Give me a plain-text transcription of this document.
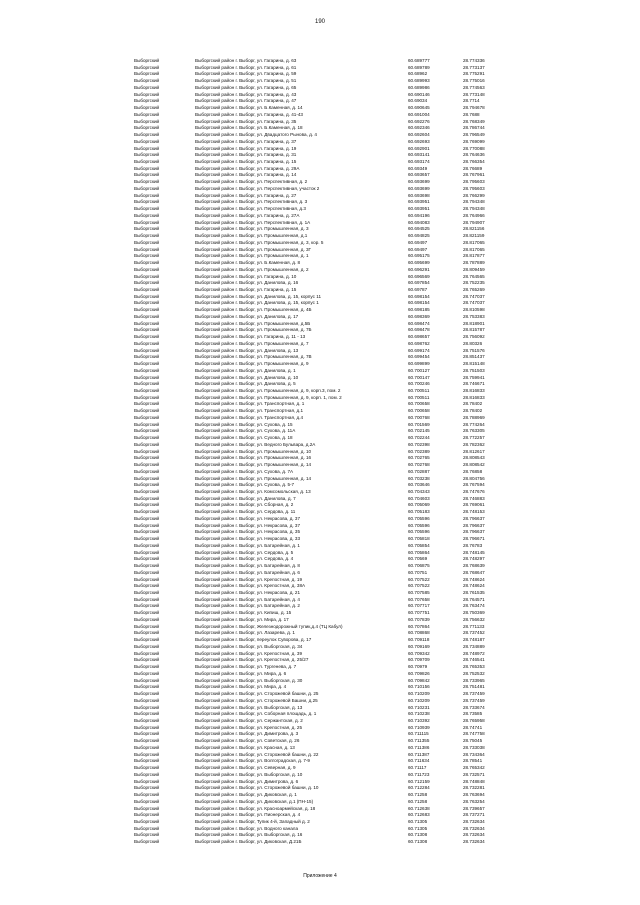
190
Выборгский	Выборгский район г. Выборг, ул. Гагарина, д. 63	60.689777	28.774336
Выборгский	Выборгский район г. Выборг, ул. Гагарина, д. 61	60.689789	28.773137
Выборгский	Выборгский район г. Выборг, ул. Гагарина, д. 59	60.68962	28.775291
Выборгский	Выборгский район г. Выборг, ул. Гагарина, д. 51	60.689993	28.775016
Выборгский	Выборгский район г. Выборг, ул. Гагарина, д. 65	60.689986	28.774563
Выборгский	Выборгский район г. Выборг, ул. Гагарина, д. 43	60.690146	28.773148
Выборгский	Выборгский район г. Выборг, ул. Гагарина, д. 47	60.69034	28.7714
Выборгский	Выборгский район г. Выборг, ул. Б.Каменная, д. 14	60.690645	28.794678
Выборгский	Выборгский район г. Выборг, ул. Гагарина, д. 41-43	60.691004	28.7688
Выборгский	Выборгский район г. Выборг, ул. Гагарина, д. 35	60.692276	28.768349
Выборгский	Выборгский район г. Выборг, ул. Б.Каменная, д. 18	60.692346	28.786744
Выборгский	Выборгский район г. Выборг, ул. Двадцатого Рынова, д. 4	60.692604	28.796549
Выборгский	Выборгский район г. Выборг, ул. Гагарина, д. 37	60.692693	28.769099
Выборгский	Выборгский район г. Выборг, ул. Гагарина, д. 19	60.692901	28.770088
Выборгский	Выборгский район г. Выборг, ул. Гагарина, д. 31	60.693141	28.764636
Выборгский	Выборгский район г. Выборг, ул. Гагарина, д. 15	60.693174	28.766354
Выборгский	Выборгский район г. Выборг, ул. Гагарина, д. 29А	60.69349	28.76689
Выборгский	Выборгский район г. Выборг, ул. Гагарина, д. 14	60.693657	28.767961
Выборгский	Выборгский район г. Выборг, ул. Перспективная, д. 2	60.693699	28.795603
Выборгский	Выборгский район г. Выборг, ул. Перспективная, участок 2	60.693699	28.795603
Выборгский	Выборгский район г. Выборг, ул. Гагарина, д. 27	60.693698	28.766299
Выборгский	Выборгский район г. Выборг, ул. Перспективная, д. 3	60.693951	28.794348
Выборгский	Выборгский район г. Выборг, ул. Перспективная, д.3	60.693951	28.794348
Выборгский	Выборгский район г. Выборг, ул. Гагарина, д. 27А	60.694196	28.764966
Выборгский	Выборгский район г. Выборг, ул. Перспективная, д. 1А	60.694083	28.794907
Выборгский	Выборгский район г. Выборг, ул. Промышленная, д. 3	60.694525	28.821156
Выборгский	Выборгский район г. Выборг, ул. Промышленная, д.1	60.694825	28.821159
Выборгский	Выборгский район г. Выборг, ул. Промышленная, д. 3, кор. 5	60.69497	28.817065
Выборгский	Выборгский район г. Выборг, ул. Промышленная, д. 3Г	60.69497	28.817065
Выборгский	Выборгский район г. Выборг, ул. Промышленная, д. 1	60.695175	28.817877
Выборгский	Выборгский район г. Выборг, ул. Б.Каменная, д. 8	60.695699	28.787889
Выборгский	Выборгский район г. Выборг, ул. Промышленная, д. 2	60.696291	28.809459
Выборгский	Выборгский район г. Выборг, ул. Гагарина, д. 10	60.696569	28.764565
Выборгский	Выборгский район г. Выборг, ул. Данилова, д. 16	60.697854	28.752235
Выборгский	Выборгский район г. Выборг, ул. Гагарина, д. 15	60.69787	28.765269
Выборгский	Выборгский район г. Выборг, ул. Данилова, д. 15, корпус 11	60.698154	28.747037
Выборгский	Выборгский район г. Выборг, ул. Данилова, д. 15, корпус 1	60.698154	28.747037
Выборгский	Выборгский район г. Выборг, ул. Промышленная, д. 4Б	60.698185	28.810598
Выборгский	Выборгский район г. Выборг, ул. Данилова, д. 17	60.698369	28.753383
Выборгский	Выборгский район г. Выборг, ул. Промышленная, д.5Б	60.698474	28.818901
Выборгский	Выборгский район г. Выборг, ул. Промышленная, д. 7Б	60.698478	28.815787
Выборгский	Выборгский район г. Выборг, ул. Гагарина, д. 11 - 13	60.698657	28.756092
Выборгский	Выборгский район г. Выборг, ул. Промышленная, д. 7	60.698762	28.80326
Выборгский	Выборгский район г. Выборг, ул. Данилова, д. 13	60.699174	28.751576
Выборгский	Выборгский район г. Выборг, ул. Промышленная, д. 7В	60.699454	28.851437
Выборгский	Выборгский район г. Выборг, ул. Промышленная, д. 9	60.699899	28.815148
Выборгский	Выборгский район г. Выборг, ул. Данилова, д. 1	60.700127	28.751503
Выборгский	Выборгский район г. Выборг, ул. Данилова, д. 10	60.700147	28.759941
Выборгский	Выборгский район г. Выборг, ул. Данилова, д. 5	60.700246	28.746671
Выборгский	Выборгский район г. Выборг, ул. Промышленная, д. 9, корп.3, пом. 2	60.700511	28.816833
Выборгский	Выборгский район г. Выборг, ул. Промышленная, д. 9, корп. 1, пом. 2	60.700511	28.816833
Выборгский	Выборгский район г. Выборг, ул. Транспортная, д. 1	60.700658	28.78402
Выборгский	Выборгский район г. Выборг, ул. Транспортная, д.1	60.700658	28.78402
Выборгский	Выборгский район г. Выборг, ул. Транспортная, д.4	60.700768	28.788969
Выборгский	Выборгский район г. Выборг, ул. Сухова, д. 15	60.701569	28.774264
Выборгский	Выборгский район г. Выборг, ул. Сухова, д. 11А	60.702145	28.763305
Выборгский	Выборгский район г. Выборг, ул. Сухова, д. 18	60.702244	28.772257
Выборгский	Выборгский район г. Выборг, ул. Ведного Бульвара, д.2А	60.702398	28.782362
Выборгский	Выборгский район г. Выборг, ул. Промышленная, д. 10	60.702389	28.812617
Выборгский	Выборгский район г. Выборг, ул. Промышленная, д. 16	60.702765	28.808543
Выборгский	Выборгский район г. Выборг, ул. Промышленная, д. 14	60.702768	28.808542
Выборгский	Выборгский район г. Выборг, ул. Сухова, д. 7А	60.702887	28.76858
Выборгский	Выборгский район г. Выборг, ул. Промышленная, д. 14	60.703238	28.804756
Выборгский	Выборгский район г. Выборг, ул. Сухова, д. 5-7	60.703646	28.767594
Выборгский	Выборгский район г. Выборг, ул. Комсомольская, д. 13	60.704343	28.747676
Выборгский	Выборгский район г. Выборг, ул. Данилова, д. 7	60.704603	28.746883
Выборгский	Выборгский район г. Выборг, ул. Сборная, д. 2	60.705069	28.769061
Выборгский	Выборгский район г. Выборг, ул. Сердова, д. 11	60.705183	28.748153
Выборгский	Выборгский район г. Выборг, ул. Некрасова, д. 37	60.705596	28.796637
Выборгский	Выборгский район г. Выборг, ул. Некрасова, д. 37	60.705596	28.796637
Выборгский	Выборгский район г. Выборг, ул. Некрасова, д. 35	60.705596	28.796637
Выборгский	Выборгский район г. Выборг, ул. Некрасова, д. 33	60.705818	28.796671
Выборгский	Выборгский район г. Выборг, ул. Батарейная, д. 1	60.705854	28.76783
Выборгский	Выборгский район г. Выборг, ул. Сердова, д. 5	60.705864	28.748145
Выборгский	Выборгский район г. Выборг, ул. Сердова, д. 4	60.70569	28.748297
Выборгский	Выборгский район г. Выборг, ул. Батарейная, д. 8	60.706875	28.768639
Выборгский	Выборгский район г. Выборг, ул. Батарейная, д. 6	60.70751	28.768647
Выборгский	Выборгский район г. Выборг, ул. Крепостная, д. 19	60.707522	28.748624
Выборгский	Выборгский район г. Выборг, ул. Крепостная, д. 38А	60.707522	28.748624
Выборгский	Выборгский район г. Выборг, ул. Некрасова, д. 21	60.707585	28.761535
Выборгский	Выборгский район г. Выборг, ул. Батарейная, д. 4	60.707658	28.764571
Выборгский	Выборгский район г. Выборг, ул. Батарейная, д. 2	60.707717	28.763474
Выборгский	Выборгский район г. Выборг, ул. Кипиш, д. 15	60.707751	28.750369
Выборгский	Выборгский район г. Выборг, ул. Мира, д. 17	60.707839	28.756632
Выборгский	Выборгский район г. Выборг, Железнодорожный тупик,д.4 (ТЦ Кабул)	60.707864	28.771133
Выборгский	Выборгский район г. Выборг, ул. Лазарева, д. 1	60.708868	28.737452
Выборгский	Выборгский район г. Выборг, переулок Суворова, д. 17	60.709118	28.748187
Выборгский	Выборгский район г. Выборг, ул. Выборгская, д. 34	60.709169	28.734889
Выборгский	Выборгский район г. Выборг, ул. Крепостная, д. 39	60.709342	28.748972
Выборгский	Выборгский район г. Выборг, ул. Крепостная, д. 25/27	60.709709	28.746541
Выборгский	Выборгский район г. Выборг, ул. Тургенева, д. 7	60.70979	28.765353
Выборгский	Выборгский район г. Выборг, ул. Мира, д. 6	60.709826	28.752532
Выборгский	Выборгский район г. Выборг, ул. Выборгская, д. 30	60.709842	28.733965
Выборгский	Выборгский район г. Выборг, ул. Мира, д. 4	60.710156	28.751481
Выборгский	Выборгский район г. Выборг, ул. Сторожевой башни, д. 25	60.710209	28.737459
Выборгский	Выборгский район г. Выборг, ул. Сторожевой Башни, д.25	60.710209	28.737459
Выборгский	Выборгский район г. Выборг, ул. Выборгская, д. 13	60.710231	28.733674
Выборгский	Выборгский район г. Выборг, ул. Соборная площадь, д. 1	60.710238	28.73585
Выборгский	Выборгский район г. Выборг, ул. Сержантская, д. 2	60.710392	28.765958
Выборгский	Выборгский район г. Выборг, ул. Крепостная, д. 25	60.710939	28.74741
Выборгский	Выборгский район г. Выборг, ул. Димитрова, д. 3	60.711115	28.747758
Выборгский	Выборгский район г. Выборг, ул. Советская, д. 26	60.711355	28.75045
Выборгский	Выборгский район г. Выборг, ул. Красная, д. 13	60.711386	28.733038
Выборгский	Выборгский район г. Выборг, ул. Сторожевой башни, д. 22	60.711387	28.734364
Выборгский	Выборгский район г. Выборг, ул. Волгоградская, д. 7-9	60.711634	28.78541
Выборгский	Выборгский район г. Выборг, ул. Северная, д. 9	60.71117	28.765342
Выборгский	Выборгский район г. Выборг, ул. Выборгская, д. 10	60.711723	28.732571
Выборгский	Выборгский район г. Выборг, ул. Димитрова, д. 6	60.712159	28.748848
Выборгский	Выборгский район г. Выборг, ул. Сторожевой башни, д. 10	60.712284	28.732281
Выборгский	Выборгский район г. Выборг, ул. Диковская, д. 1	60.71258	28.763694
Выборгский	Выборгский район г. Выборг, ул. Диковская, д.1 (ПН-15)	60.71258	28.763254
Выборгский	Выборгский район г. Выборг, ул. Красноармейская, д. 18	60.712638	28.739657
Выборгский	Выборгский район г. Выборг, ул. Пионерская, д. 4	60.712683	28.737271
Выборгский	Выборгский район г. Выборг, Тупик 4-й, Западный д. 2	60.71305	28.732634
Выборгский	Выборгский район г. Выборг, ул. Водного канала	60.71305	28.732634
Выборгский	Выборгский район г. Выборг, ул. Выборгская, д. 16	60.71308	28.732634
Выборгский	Выборгский район г. Выборг, ул. Диковская, Д.21Б	60.71308	28.732634
Приложение 4
